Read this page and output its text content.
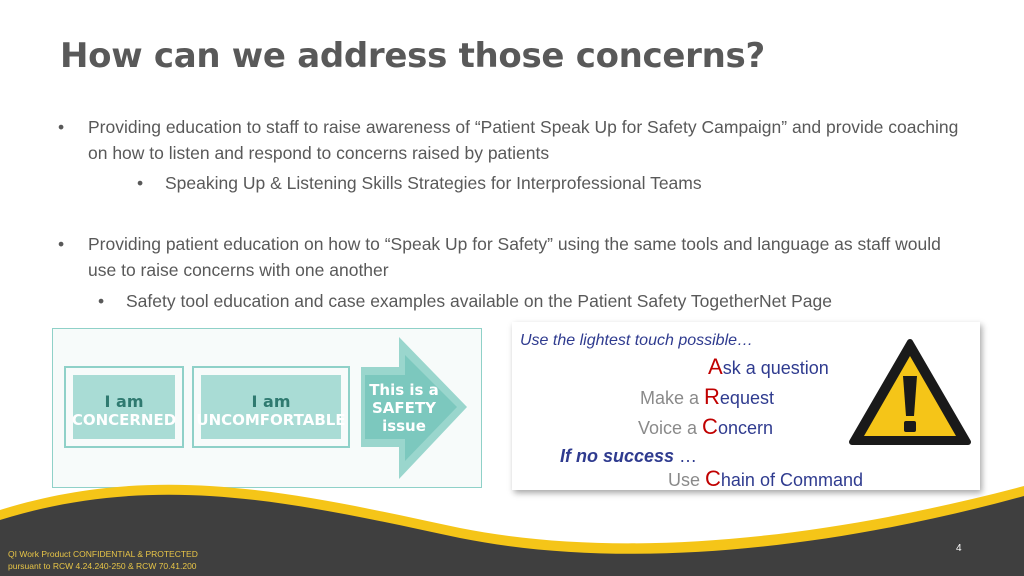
How can we address those concerns?
• Providing education to staff to raise awareness of “Patient Speak Up for Safety Campaign” and provide coaching on how to listen and respond to concerns raised by patients
• Speaking Up & Listening Skills Strategies for Interprofessional Teams
• Providing patient education on how to “Speak Up for Safety” using the same tools and language as staff would use to raise concerns with one another
• Safety tool education and case examples available on the Patient Safety TogetherNet Page
I am
CONCERNED
I am
UNCOMFORTABLE
This is a
SAFETY
issue
Use the lightest touch possible…
Ask a question
Make a Request
Voice a Concern
If no success …
Use Chain of Command
QI Work Product CONFIDENTIAL & PROTECTED
pursuant to RCW 4.24.240-250 & RCW 70.41.200
4
